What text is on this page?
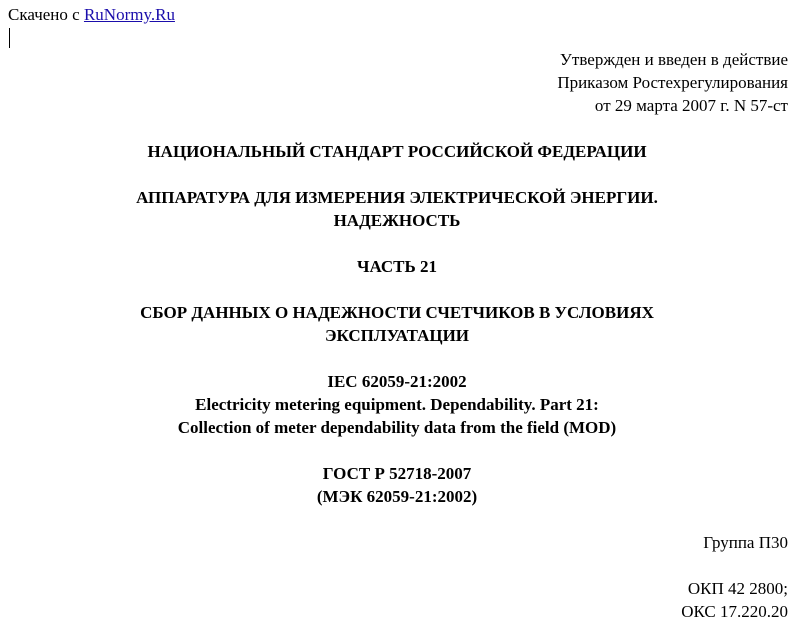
Скачено с RuNormy.Ru
Утвержден и введен в действие
Приказом Ростехрегулирования
от 29 марта 2007 г. N 57-ст
НАЦИОНАЛЬНЫЙ СТАНДАРТ РОССИЙСКОЙ ФЕДЕРАЦИИ
АППАРАТУРА ДЛЯ ИЗМЕРЕНИЯ ЭЛЕКТРИЧЕСКОЙ ЭНЕРГИИ.
НАДЕЖНОСТЬ
ЧАСТЬ 21
СБОР ДАННЫХ О НАДЕЖНОСТИ СЧЕТЧИКОВ В УСЛОВИЯХ
ЭКСПЛУАТАЦИИ
IEC 62059-21:2002
Electricity metering equipment. Dependability. Part 21:
Collection of meter dependability data from the field (MOD)
ГОСТ Р 52718-2007
(МЭК 62059-21:2002)
Группа П30
ОКП 42 2800;
ОКС 17.220.20
